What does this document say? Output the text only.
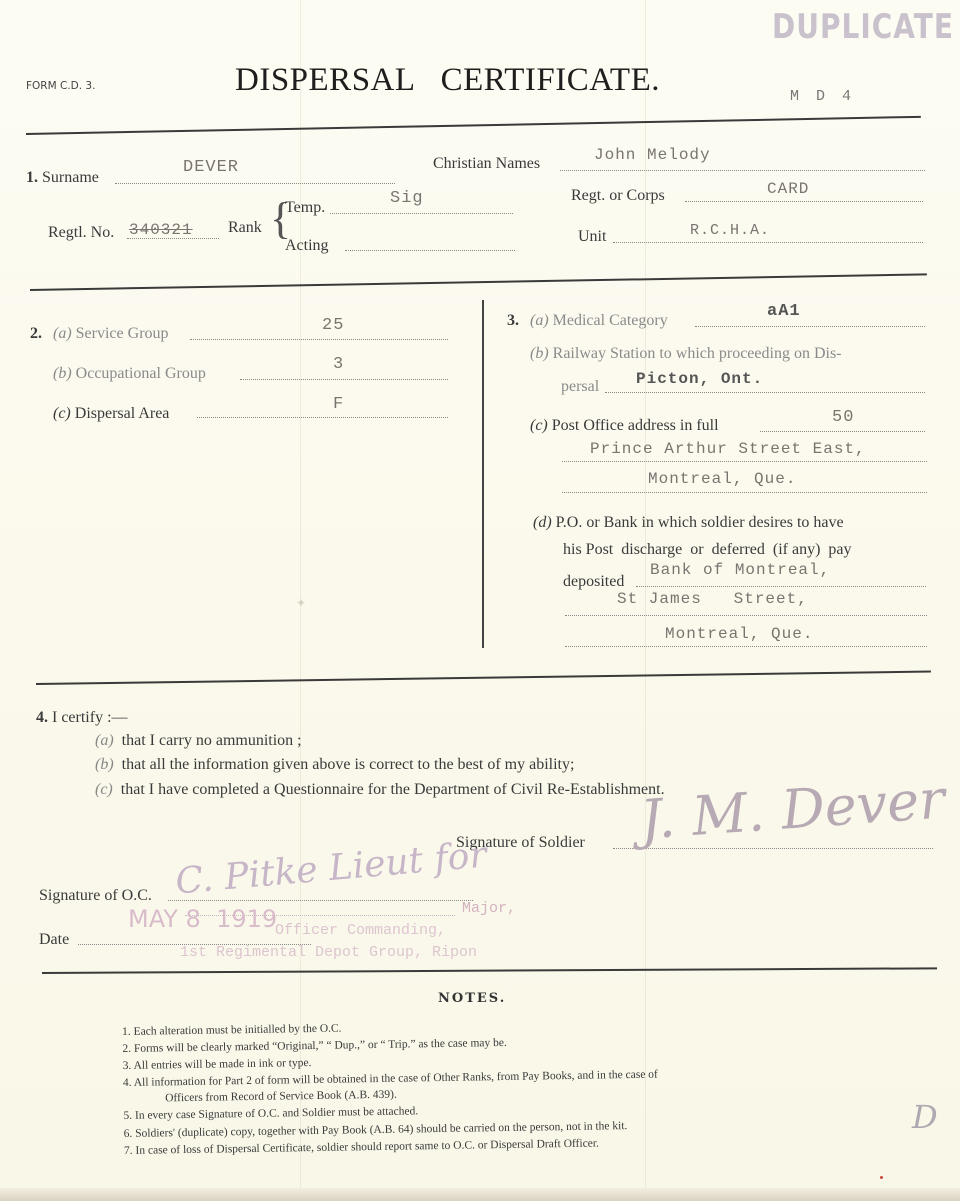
DUPLICATE
FORM C.D. 3.	DISPERSAL   CERTIFICATE.	M D 4
1. Surname
DEVER	Christian Names	John Melody
Regtl. No. 340321 Rank {
Temp.	Sig
Acting
Regt. or Corps	CARD
Unit	R.C.H.A.
2. (a) Service Group	25
(b) Occupational Group	3
(c) Dispersal Area	F
✦
3. (a) Medical Category	aA1
(b) Railway Station to which proceeding on Dis-
persal Picton, Ont.
(c) Post Office address in full	50
Prince Arthur Street East,
Montreal, Que.
(d) P.O. or Bank in which soldier desires to have
his Post  discharge  or  deferred  (if any)  pay
deposited
Bank of Montreal,
St James   Street,
Montreal, Que.
4. I certify :—
(a) that I carry no ammunition ;
(b) that all the information given above is correct to the best of my ability;
(c) that I have completed a Questionnaire for the Department of Civil Re-Establishment.
Signature of Soldier J. M. Dever
Signature of O.C. C. Pitke Lieut for
Major,
Date
MAY 8  1919
Officer Commanding,
1st Regimental Depot Group, Ripon
NOTES.
1. Each alteration must be initialled by the O.C.
2. Forms will be clearly marked “Original,” “ Dup.,” or “ Trip.” as the case may be.
3. All entries will be made in ink or type.
4. All information for Part 2 of form will be obtained in the case of Other Ranks, from Pay Books, and in the case of
Officers from Record of Service Book (A.B. 439).
5. In every case Signature of O.C. and Soldier must be attached.
6. Soldiers' (duplicate) copy, together with Pay Book (A.B. 64) should be carried on the person, not in the kit.
7. In case of loss of Dispersal Certificate, soldier should report same to O.C. or Dispersal Draft Officer.
D
